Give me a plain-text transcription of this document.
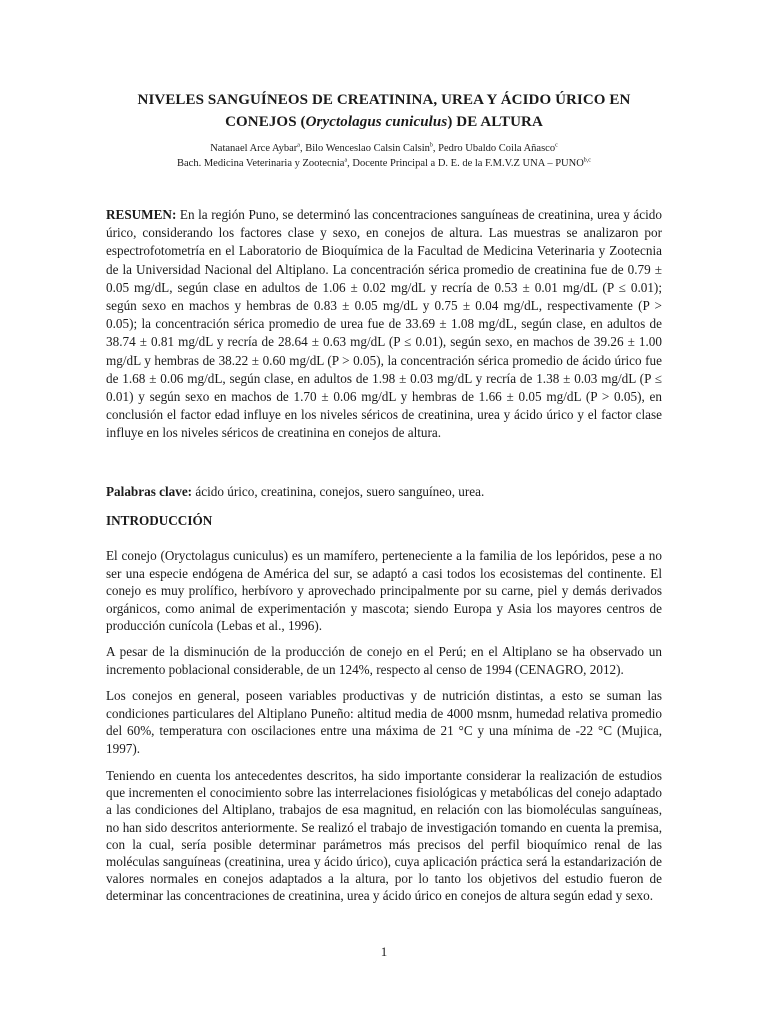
NIVELES SANGUÍNEOS DE CREATININA, UREA Y ÁCIDO ÚRICO EN
CONEJOS (Oryctolagus cuniculus) DE ALTURA
Natanael Arce Aybar$^a$, Bilo Wenceslao Calsin Calsin$^b$, Pedro Ubaldo Coila Añasco$^c$
Bach. Medicina Veterinaria y Zootecnia$^a$, Docente Principal a D. E. de la F.M.V.Z UNA – PUNO$^{b,c}$
RESUMEN: En la región Puno, se determinó las concentraciones sanguíneas de creatinina, urea y ácido úrico, considerando los factores clase y sexo, en conejos de altura. Las muestras se analizaron por espectrofotometría en el Laboratorio de Bioquímica de la Facultad de Medicina Veterinaria y Zootecnia de la Universidad Nacional del Altiplano. La concentración sérica promedio de creatinina fue de 0.79 ± 0.05 mg/dL, según clase en adultos de 1.06 ± 0.02 mg/dL y recría de 0.53 ± 0.01 mg/dL (P ≤ 0.01); según sexo en machos y hembras de 0.83 ± 0.05 mg/dL y 0.75 ± 0.04 mg/dL, respectivamente (P > 0.05); la concentración sérica promedio de urea fue de 33.69 ± 1.08 mg/dL, según clase, en adultos de 38.74 ± 0.81 mg/dL y recría de 28.64 ± 0.63 mg/dL (P ≤ 0.01), según sexo, en machos de 39.26 ± 1.00 mg/dL y hembras de 38.22 ± 0.60 mg/dL (P > 0.05), la concentración sérica promedio de ácido úrico fue de 1.68 ± 0.06 mg/dL, según clase, en adultos de 1.98 ± 0.03 mg/dL y recría de 1.38 ± 0.03 mg/dL (P ≤ 0.01) y según sexo en machos de 1.70 ± 0.06 mg/dL y hembras de 1.66 ± 0.05 mg/dL (P > 0.05), en conclusión el factor edad influye en los niveles séricos de creatinina, urea y ácido úrico y el factor clase influye en los niveles séricos de creatinina en conejos de altura.
Palabras clave: ácido úrico, creatinina, conejos, suero sanguíneo, urea.
INTRODUCCIÓN
El conejo (Oryctolagus cuniculus) es un mamífero, perteneciente a la familia de los lepóridos, pese a no ser una especie endógena de América del sur, se adaptó a casi todos los ecosistemas del continente. El conejo es muy prolífico, herbívoro y aprovechado principalmente por su carne, piel y demás derivados orgánicos, como animal de experimentación y mascota; siendo Europa y Asia los mayores centros de producción cunícola (Lebas et al., 1996).
A pesar de la disminución de la producción de conejo en el Perú; en el Altiplano se ha observado un incremento poblacional considerable, de un 124%, respecto al censo de 1994 (CENAGRO, 2012).
Los conejos en general, poseen variables productivas y de nutrición distintas, a esto se suman las condiciones particulares del Altiplano Puneño: altitud media de 4000 msnm, humedad relativa promedio del 60%, temperatura con oscilaciones entre una máxima de 21 °C y una mínima de -22 °C (Mujica, 1997).
Teniendo en cuenta los antecedentes descritos, ha sido importante considerar la realización de estudios que incrementen el conocimiento sobre las interrelaciones fisiológicas y metabólicas del conejo adaptado a las condiciones del Altiplano, trabajos de esa magnitud, en relación con las biomoléculas sanguíneas, no han sido descritos anteriormente. Se realizó el trabajo de investigación tomando en cuenta la premisa, con la cual, sería posible determinar parámetros más precisos del perfil bioquímico renal de las moléculas sanguíneas (creatinina, urea y ácido úrico), cuya aplicación práctica será la estandarización de valores normales en conejos adaptados a la altura, por lo tanto los objetivos del estudio fueron de determinar las concentraciones de creatinina, urea y ácido úrico en conejos de altura según edad y sexo.
1
